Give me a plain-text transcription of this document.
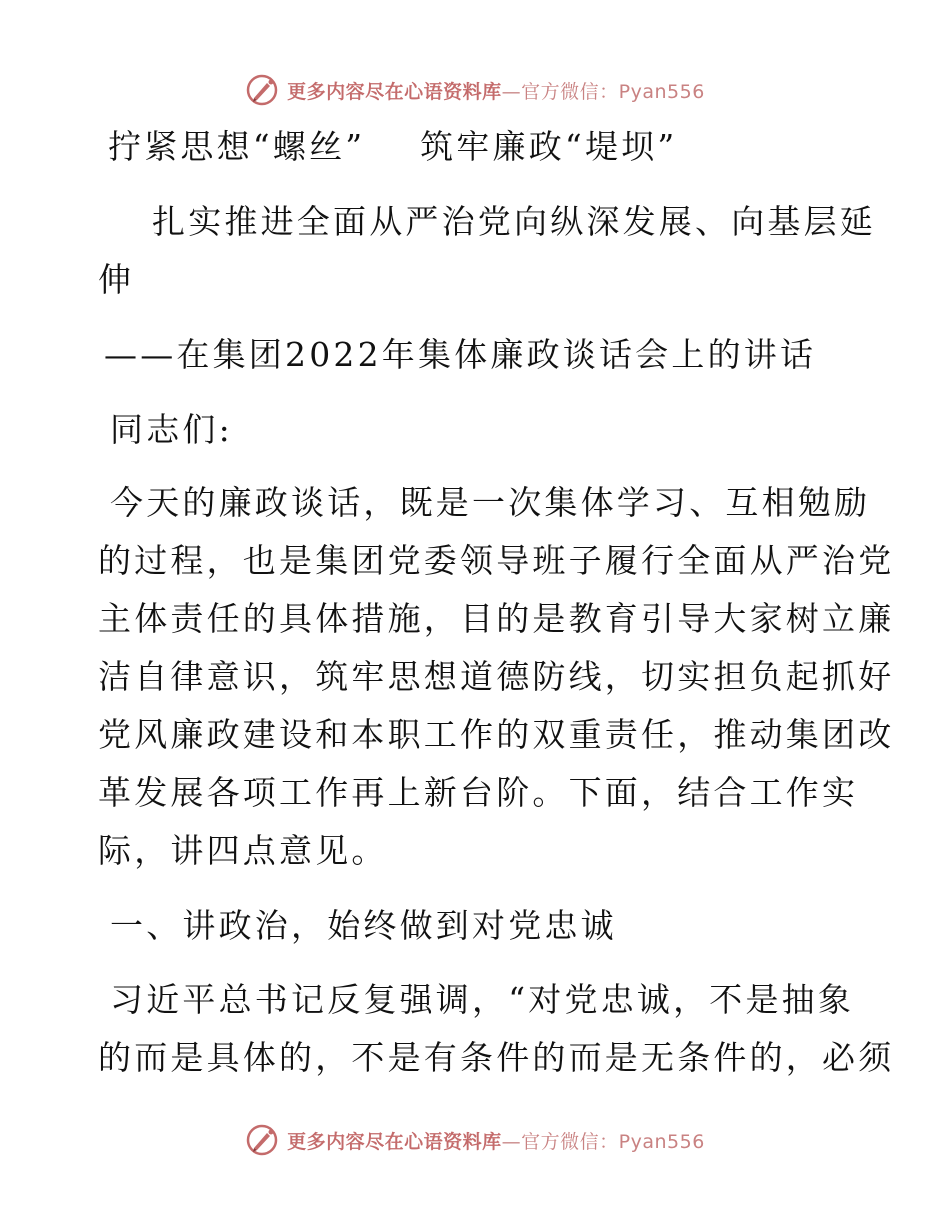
更多内容尽在心语资料库—官方微信：Pyan556
拧紧思想“螺丝”    筑牢廉政“堤坝”
扎实推进全面从严治党向纵深发展、向基层延
伸
——在集团2022年集体廉政谈话会上的讲话
同志们:
今天的廉政谈话，既是一次集体学习、互相勉励
的过程，也是集团党委领导班子履行全面从严治党
主体责任的具体措施，目的是教育引导大家树立廉
洁自律意识，筑牢思想道德防线，切实担负起抓好
党风廉政建设和本职工作的双重责任，推动集团改
革发展各项工作再上新台阶。下面，结合工作实
际，讲四点意见。
一、讲政治，始终做到对党忠诚
习近平总书记反复强调，“对党忠诚，不是抽象
的而是具体的，不是有条件的而是无条件的，必须
更多内容尽在心语资料库—官方微信：Pyan556
